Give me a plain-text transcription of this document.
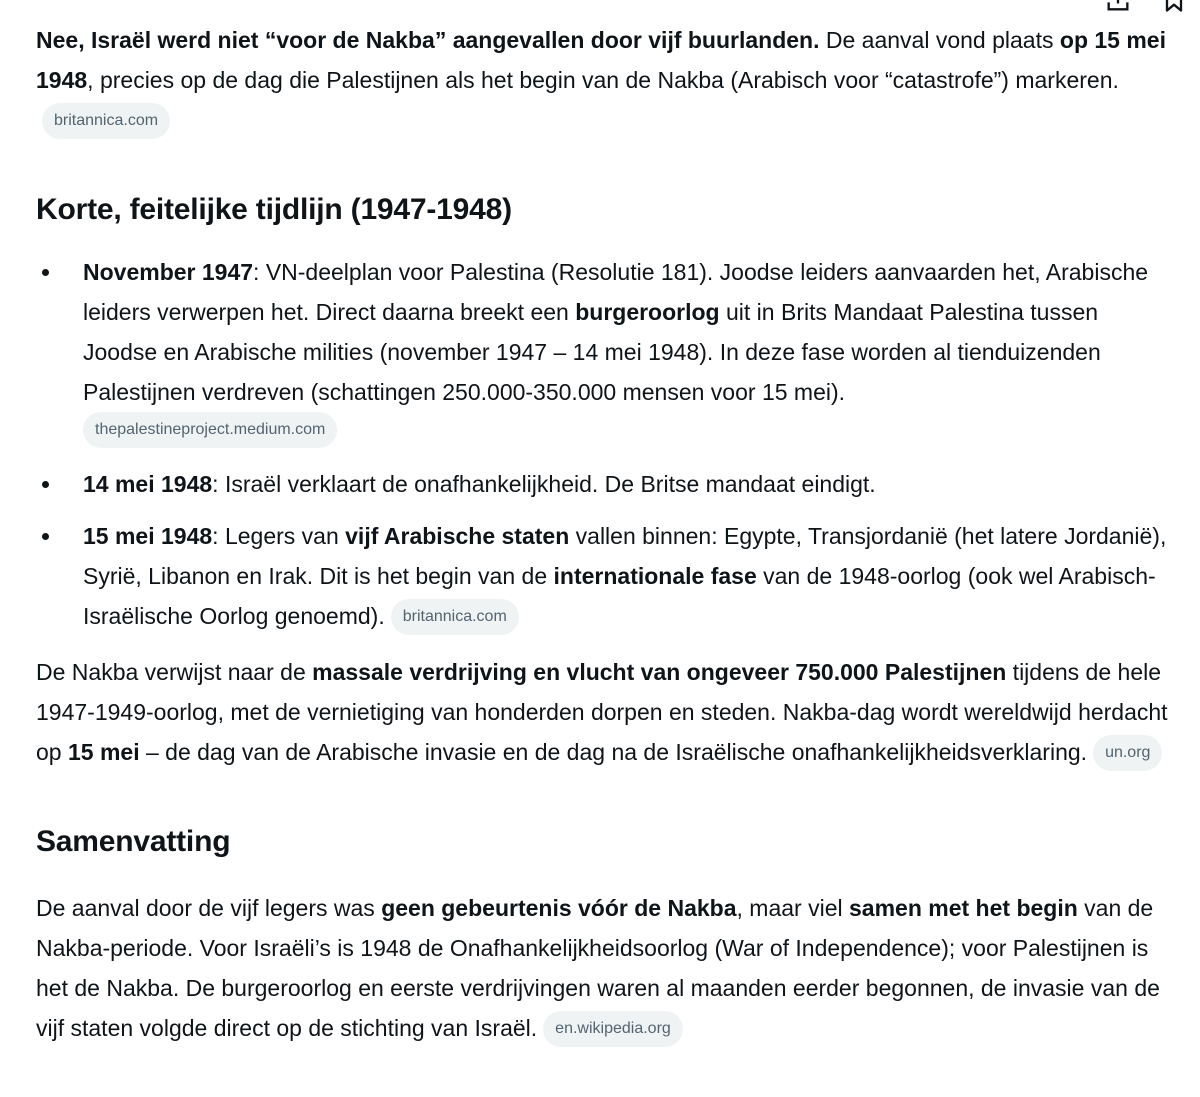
Nee, Israël werd niet “voor de Nakba” aangevallen door vijf buurlanden. De aanval vond plaats op 15 mei 1948, precies op de dag die Palestijnen als het begin van de Nakba (Arabisch voor “catastrofe”) markeren.britannica.com

Korte, feitelijke tijdlijn (1947-1948)
November 1947: VN-deelplan voor Palestina (Resolutie 181). Joodse leiders aanvaarden het, Arabische leiders verwerpen het. Direct daarna breekt een burgeroorlog uit in Brits Mandaat Palestina tussen Joodse en Arabische milities (november 1947 – 14 mei 1948). In deze fase worden al tienduizenden Palestijnen verdreven (schattingen 250.000-350.000 mensen voor 15 mei).
thepalestineproject.medium.com
14 mei 1948: Israël verklaart de onafhankelijkheid. De Britse mandaat eindigt.
15 mei 1948: Legers van vijf Arabische staten vallen binnen: Egypte, Transjordanië (het latere Jordanië), Syrië, Libanon en Irak. Dit is het begin van de internationale fase van de 1948-oorlog (ook wel Arabisch-Israëlische Oorlog genoemd). britannica.com

De Nakba verwijst naar de massale verdrijving en vlucht van ongeveer 750.000 Palestijnen tijdens de hele 1947-1949-oorlog, met de vernietiging van honderden dorpen en steden. Nakba-dag wordt wereldwijd herdacht op 15 mei – de dag van de Arabische invasie en de dag na de Israëlische onafhankelijkheidsverklaring. un.org

Samenvatting

De aanval door de vijf legers was geen gebeurtenis vóór de Nakba, maar viel samen met het begin van de Nakba-periode. Voor Israëli’s is 1948 de Onafhankelijkheidsoorlog (War of Independence); voor Palestijnen is het de Nakba. De burgeroorlog en eerste verdrijvingen waren al maanden eerder begonnen, de invasie van de vijf staten volgde direct op de stichting van Israël. en.wikipedia.org
